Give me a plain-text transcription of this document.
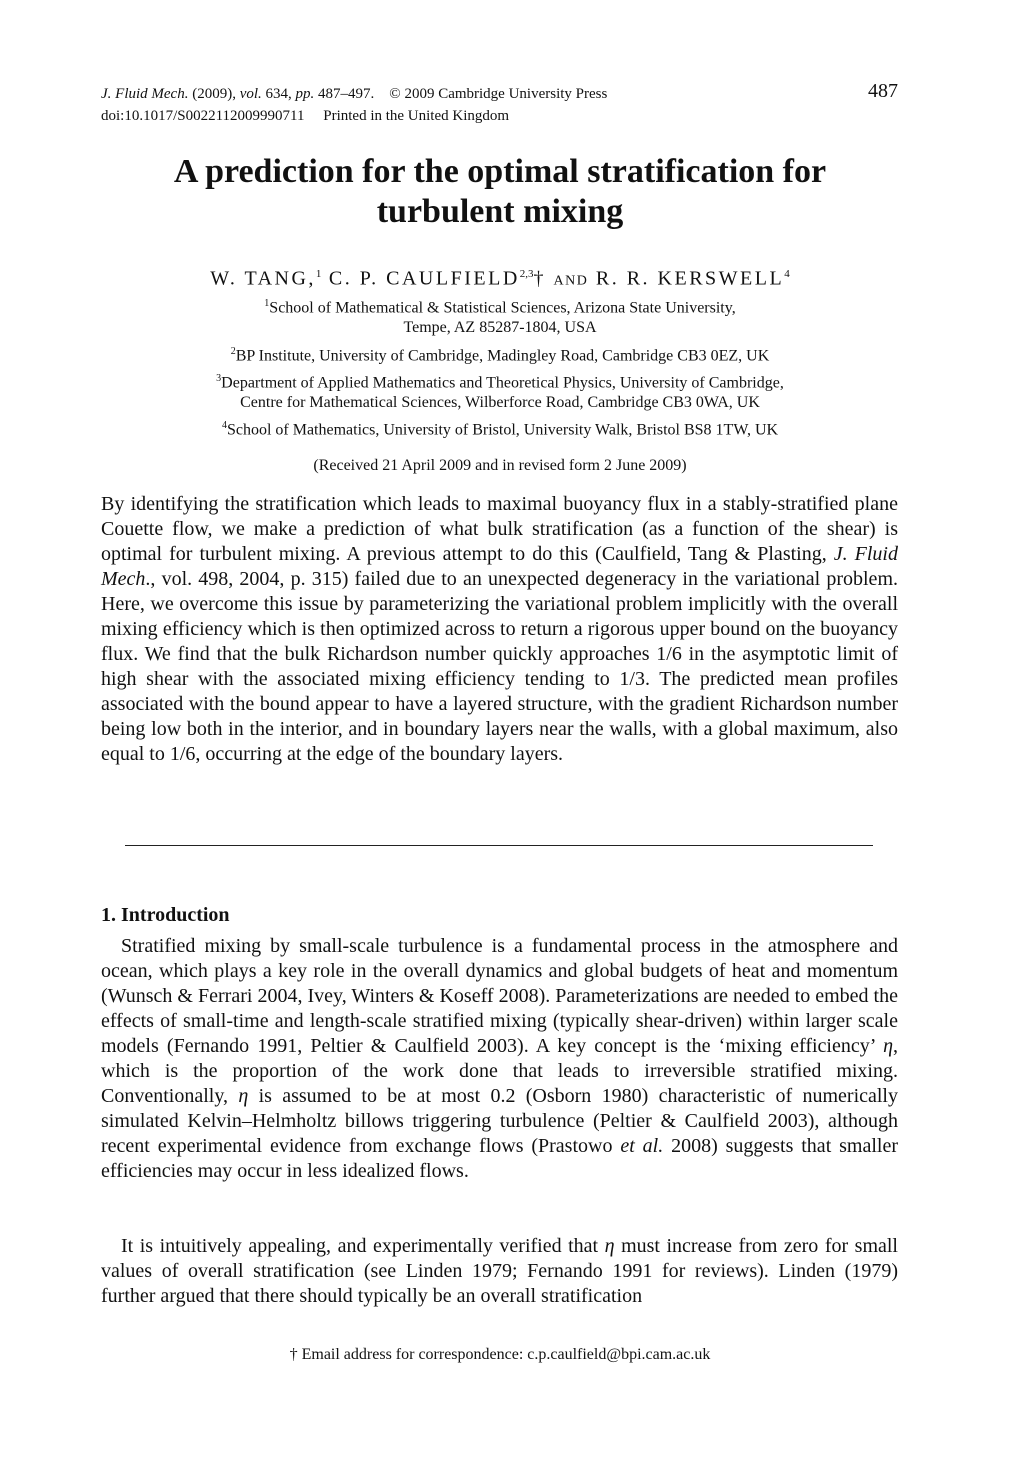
J. Fluid Mech. (2009), vol. 634, pp. 487–497. © 2009 Cambridge University Press
doi:10.1017/S0022112009990711 Printed in the United Kingdom
487
A prediction for the optimal stratification for
turbulent mixing
W. TANG,$^1$ C. P. CAULFIELD$^{2,3}$† AND R. R. KERSWELL$^4$
$^1$School of Mathematical & Statistical Sciences, Arizona State University,
Tempe, AZ 85287-1804, USA
$^2$BP Institute, University of Cambridge, Madingley Road, Cambridge CB3 0EZ, UK
$^3$Department of Applied Mathematics and Theoretical Physics, University of Cambridge,
Centre for Mathematical Sciences, Wilberforce Road, Cambridge CB3 0WA, UK
$^4$School of Mathematics, University of Bristol, University Walk, Bristol BS8 1TW, UK
(Received 21 April 2009 and in revised form 2 June 2009)
By identifying the stratification which leads to maximal buoyancy flux in a stably-stratified plane Couette flow, we make a prediction of what bulk stratification (as a function of the shear) is optimal for turbulent mixing. A previous attempt to do this (Caulfield, Tang & Plasting, J. Fluid Mech., vol. 498, 2004, p. 315) failed due to an unexpected degeneracy in the variational problem. Here, we overcome this issue by parameterizing the variational problem implicitly with the overall mixing efficiency which is then optimized across to return a rigorous upper bound on the buoyancy flux. We find that the bulk Richardson number quickly approaches 1/6 in the asymptotic limit of high shear with the associated mixing efficiency tending to 1/3. The predicted mean profiles associated with the bound appear to have a layered structure, with the gradient Richardson number being low both in the interior, and in boundary layers near the walls, with a global maximum, also equal to 1/6, occurring at the edge of the boundary layers.
1. Introduction
Stratified mixing by small-scale turbulence is a fundamental process in the atmosphere and ocean, which plays a key role in the overall dynamics and global budgets of heat and momentum (Wunsch & Ferrari 2004, Ivey, Winters & Koseff 2008). Parameterizations are needed to embed the effects of small-time and length-scale stratified mixing (typically shear-driven) within larger scale models (Fernando 1991, Peltier & Caulfield 2003). A key concept is the ‘mixing efficiency’ η, which is the proportion of the work done that leads to irreversible stratified mixing. Conventionally, η is assumed to be at most 0.2 (Osborn 1980) characteristic of numerically simulated Kelvin–Helmholtz billows triggering turbulence (Peltier & Caulfield 2003), although recent experimental evidence from exchange flows (Prastowo et al. 2008) suggests that smaller efficiencies may occur in less idealized flows.
It is intuitively appealing, and experimentally verified that η must increase from zero for small values of overall stratification (see Linden 1979; Fernando 1991 for reviews). Linden (1979) further argued that there should typically be an overall stratification
† Email address for correspondence: c.p.caulfield@bpi.cam.ac.uk
